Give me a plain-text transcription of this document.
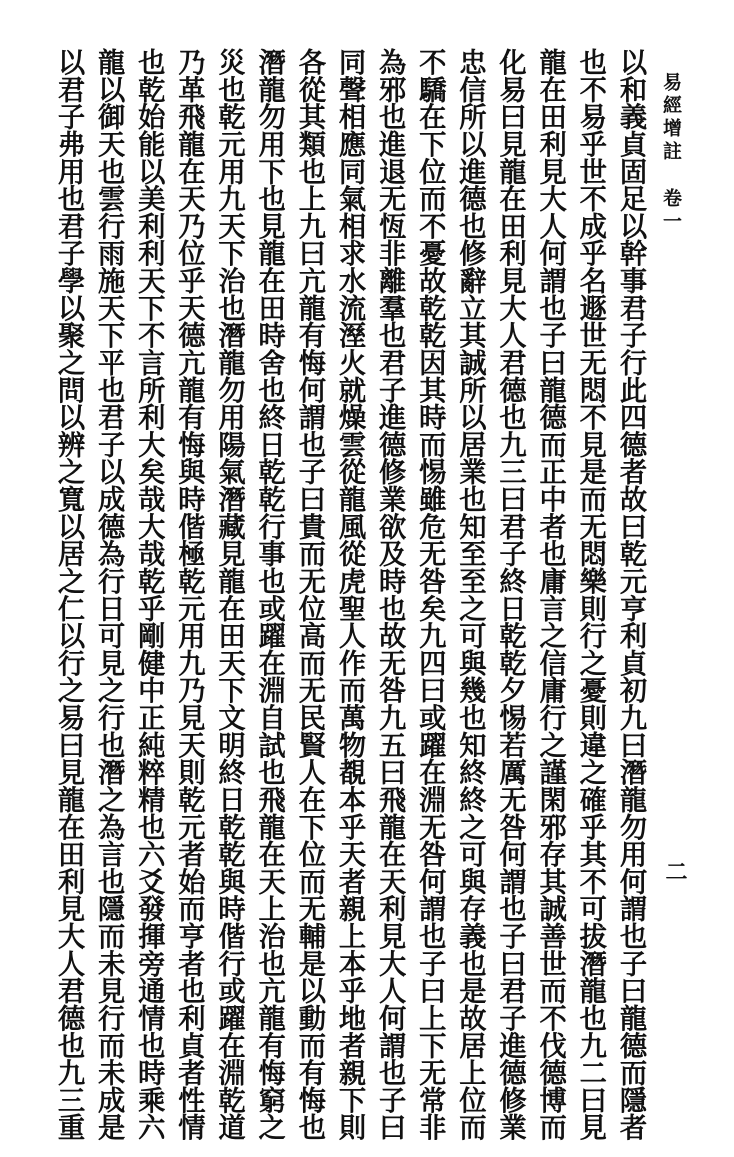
易經增註卷一
二
以和義貞固足以幹事君子行此四德者故曰乾元亨利貞初九曰潛龍勿用何謂也子曰龍德而隱者
也不易乎世不成乎名遯世无悶不見是而无悶樂則行之憂則違之確乎其不可拔潛龍也九二曰見
龍在田利見大人何謂也子曰龍德而正中者也庸言之信庸行之謹閑邪存其誠善世而不伐德博而
化易曰見龍在田利見大人君德也九三曰君子終日乾乾夕惕若厲无咎何謂也子曰君子進德修業
忠信所以進德也修辭立其誠所以居業也知至至之可與幾也知終終之可與存義也是故居上位而
不驕在下位而不憂故乾乾因其時而惕雖危无咎矣九四曰或躍在淵无咎何謂也子曰上下无常非
為邪也進退无恆非離羣也君子進德修業欲及時也故无咎九五曰飛龍在天利見大人何謂也子曰
同聲相應同氣相求水流溼火就燥雲從龍風從虎聖人作而萬物覩本乎天者親上本乎地者親下則
各從其類也上九曰亢龍有悔何謂也子曰貴而无位高而无民賢人在下位而无輔是以動而有悔也
潛龍勿用下也見龍在田時舍也終日乾乾行事也或躍在淵自試也飛龍在天上治也亢龍有悔窮之
災也乾元用九天下治也潛龍勿用陽氣潛藏見龍在田天下文明終日乾乾與時偕行或躍在淵乾道
乃革飛龍在天乃位乎天德亢龍有悔與時偕極乾元用九乃見天則乾元者始而亨者也利貞者性情
也乾始能以美利利天下不言所利大矣哉大哉乾乎剛健中正純粹精也六爻發揮旁通情也時乘六
龍以御天也雲行雨施天下平也君子以成德為行日可見之行也潛之為言也隱而未見行而未成是
以君子弗用也君子學以聚之問以辨之寬以居之仁以行之易曰見龍在田利見大人君德也九三重
